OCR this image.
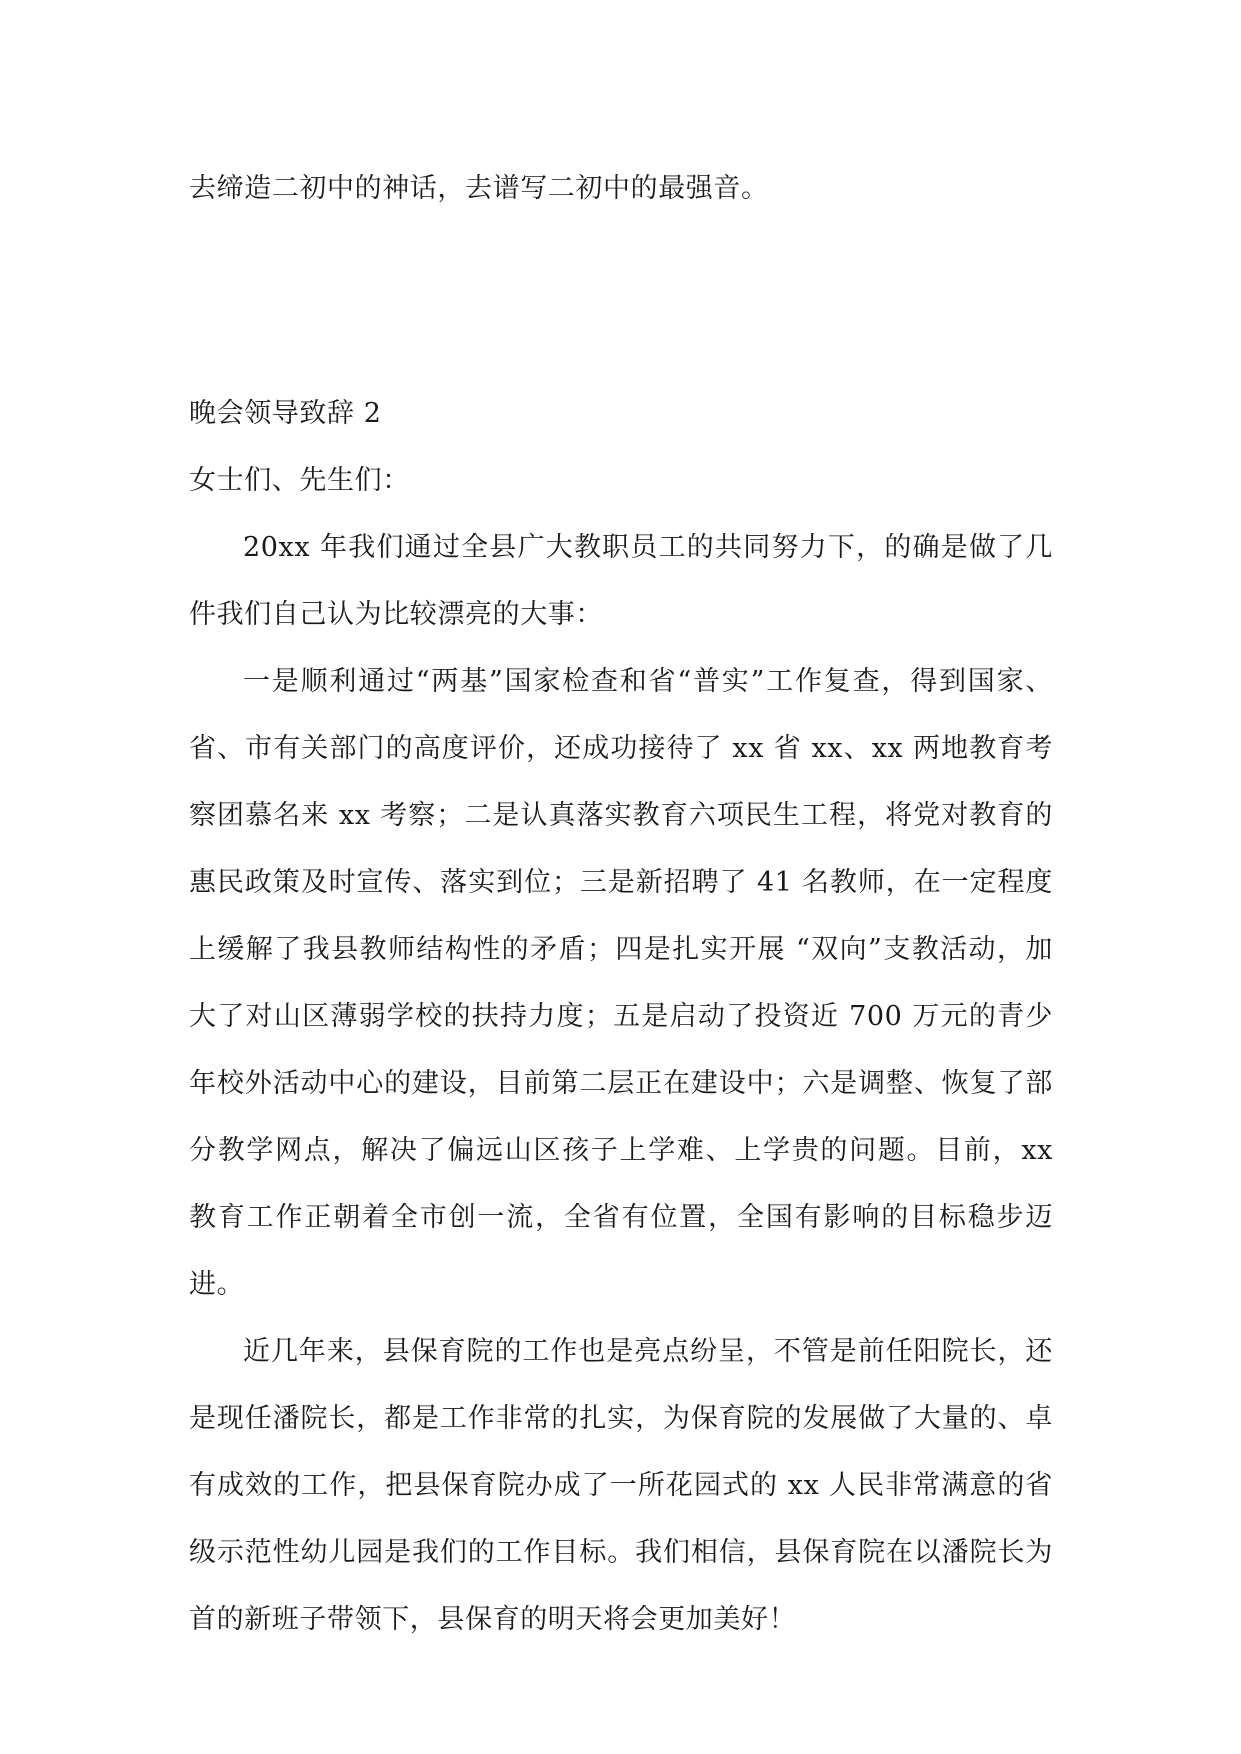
去缔造二初中的神话，去谱写二初中的最强音。

晚会领导致辞 2

女士们、先生们：

20xx 年我们通过全县广大教职员工的共同努力下，的确是做了几件我们自己认为比较漂亮的大事：

一是顺利通过“两基”国家检查和省“普实”工作复查，得到国家、省、市有关部门的高度评价，还成功接待了 xx 省 xx、xx 两地教育考察团慕名来 xx 考察；二是认真落实教育六项民生工程，将党对教育的惠民政策及时宣传、落实到位；三是新招聘了 41 名教师，在一定程度上缓解了我县教师结构性的矛盾；四是扎实开展 “双向”支教活动，加大了对山区薄弱学校的扶持力度；五是启动了投资近 700 万元的青少年校外活动中心的建设，目前第二层正在建设中；六是调整、恢复了部分教学网点，解决了偏远山区孩子上学难、上学贵的问题。目前，xx 教育工作正朝着全市创一流，全省有位置，全国有影响的目标稳步迈进。

近几年来，县保育院的工作也是亮点纷呈，不管是前任阳院长，还是现任潘院长，都是工作非常的扎实，为保育院的发展做了大量的、卓有成效的工作，把县保育院办成了一所花园式的 xx 人民非常满意的省级示范性幼儿园是我们的工作目标。我们相信，县保育院在以潘院长为首的新班子带领下，县保育的明天将会更加美好！
